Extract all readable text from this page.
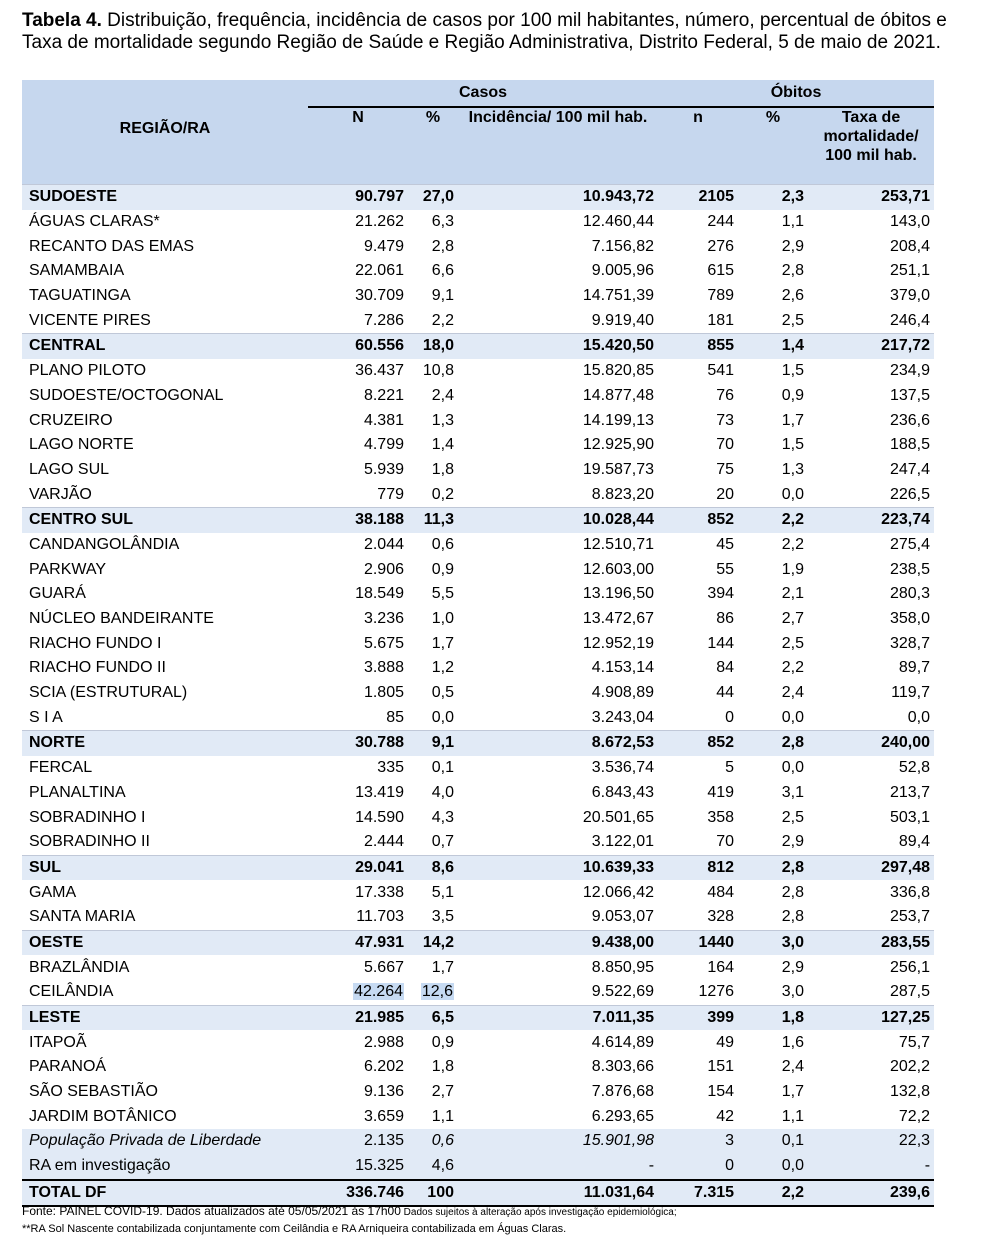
Tabela 4. Distribuição, frequência, incidência de casos por 100 mil habitantes, número, percentual de óbitos e Taxa de mortalidade segundo Região de Saúde e Região Administrativa, Distrito Federal, 5 de maio de 2021.
REGIÃO/RA	Casos			Óbitos		
	N	%	Incidência/ 100 mil hab.	n	%	Taxa de mortalidade/ 100 mil hab.
SUDOESTE	90.797	27,0	10.943,72	2105	2,3	253,71
ÁGUAS CLARAS*	21.262	6,3	12.460,44	244	1,1	143,0
RECANTO DAS EMAS	9.479	2,8	7.156,82	276	2,9	208,4
SAMAMBAIA	22.061	6,6	9.005,96	615	2,8	251,1
TAGUATINGA	30.709	9,1	14.751,39	789	2,6	379,0
VICENTE PIRES	7.286	2,2	9.919,40	181	2,5	246,4
CENTRAL	60.556	18,0	15.420,50	855	1,4	217,72
PLANO PILOTO	36.437	10,8	15.820,85	541	1,5	234,9
SUDOESTE/OCTOGONAL	8.221	2,4	14.877,48	76	0,9	137,5
CRUZEIRO	4.381	1,3	14.199,13	73	1,7	236,6
LAGO NORTE	4.799	1,4	12.925,90	70	1,5	188,5
LAGO SUL	5.939	1,8	19.587,73	75	1,3	247,4
VARJÃO	779	0,2	8.823,20	20	0,0	226,5
CENTRO SUL	38.188	11,3	10.028,44	852	2,2	223,74
CANDANGOLÂNDIA	2.044	0,6	12.510,71	45	2,2	275,4
PARKWAY	2.906	0,9	12.603,00	55	1,9	238,5
GUARÁ	18.549	5,5	13.196,50	394	2,1	280,3
NÚCLEO BANDEIRANTE	3.236	1,0	13.472,67	86	2,7	358,0
RIACHO FUNDO I	5.675	1,7	12.952,19	144	2,5	328,7
RIACHO FUNDO II	3.888	1,2	4.153,14	84	2,2	89,7
SCIA (ESTRUTURAL)	1.805	0,5	4.908,89	44	2,4	119,7
S I A	85	0,0	3.243,04	0	0,0	0,0
NORTE	30.788	9,1	8.672,53	852	2,8	240,00
FERCAL	335	0,1	3.536,74	5	0,0	52,8
PLANALTINA	13.419	4,0	6.843,43	419	3,1	213,7
SOBRADINHO I	14.590	4,3	20.501,65	358	2,5	503,1
SOBRADINHO II	2.444	0,7	3.122,01	70	2,9	89,4
SUL	29.041	8,6	10.639,33	812	2,8	297,48
GAMA	17.338	5,1	12.066,42	484	2,8	336,8
SANTA MARIA	11.703	3,5	9.053,07	328	2,8	253,7
OESTE	47.931	14,2	9.438,00	1440	3,0	283,55
BRAZLÂNDIA	5.667	1,7	8.850,95	164	2,9	256,1
CEILÂNDIA	42.264	12,6	9.522,69	1276	3,0	287,5
LESTE	21.985	6,5	7.011,35	399	1,8	127,25
ITAPOÃ	2.988	0,9	4.614,89	49	1,6	75,7
PARANOÁ	6.202	1,8	8.303,66	151	2,4	202,2
SÃO SEBASTIÃO	9.136	2,7	7.876,68	154	1,7	132,8
JARDIM BOTÂNICO	3.659	1,1	6.293,65	42	1,1	72,2
População Privada de Liberdade	2.135	0,6	15.901,98	3	0,1	22,3
RA em investigação	15.325	4,6	-	0	0,0	-
TOTAL DF	336.746	100	11.031,64	7.315	2,2	239,6
Fonte: PAINEL COVID-19. Dados atualizados até 05/05/2021 às 17h00 Dados sujeitos à alteração após investigação epidemiológica;
**RA Sol Nascente contabilizada conjuntamente com Ceilândia e RA Arniqueira contabilizada em Águas Claras.
